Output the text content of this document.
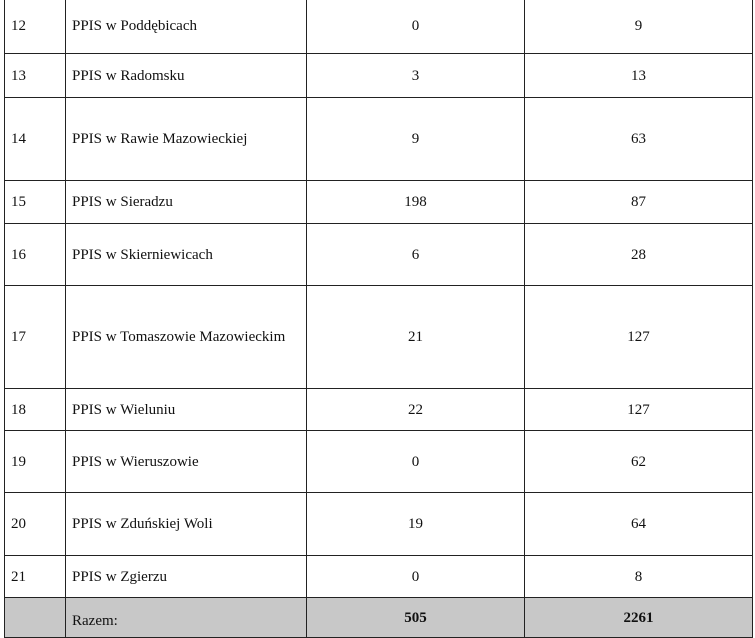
12	PPIS w Poddębicach	0	9
13	PPIS w Radomsku	3	13
14	PPIS w Rawie Mazowieckiej	9	63
15	PPIS w Sieradzu	198	87
16	PPIS w Skierniewicach	6	28
17	PPIS w Tomaszowie Mazowieckim	21	127
18	PPIS w Wieluniu	22	127
19	PPIS w Wieruszowie	0	62
20	PPIS w Zduńskiej Woli	19	64
21	PPIS w Zgierzu	0	8
	Razem:	505	2261
